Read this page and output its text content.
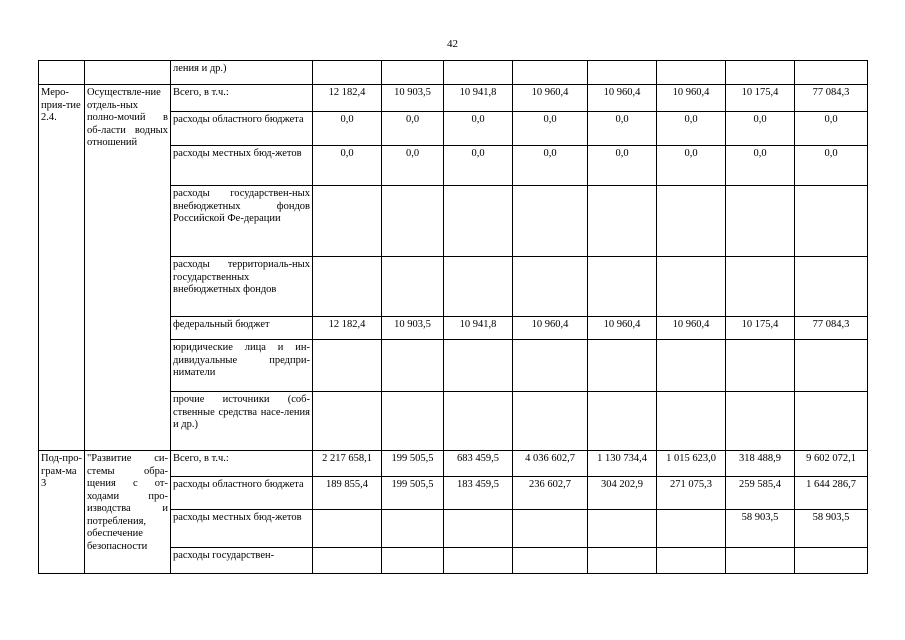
42
		ления и др.)								
Меро-прия-тие 2.4.	Осуществле-ние отдель-ных полно-мочий в об-ласти водных отношений	Всего, в т.ч.:	12 182,4	10 903,5	10 941,8	10 960,4	10 960,4	10 960,4	10 175,4	77 084,3
		расходы областного бюджета	0,0	0,0	0,0	0,0	0,0	0,0	0,0	0,0
		расходы местных бюд-жетов	0,0	0,0	0,0	0,0	0,0	0,0	0,0	0,0
		расходы государствен-ных внебюджетных фондов Российской Фе-дерации								
		расходы территориаль-ных государственных внебюджетных фондов								
		федеральный бюджет	12 182,4	10 903,5	10 941,8	10 960,4	10 960,4	10 960,4	10 175,4	77 084,3
		юридические лица и ин-дивидуальные предпри-ниматели								
		прочие источники (соб-ственные средства насе-ления и др.)								
Под-про-грам-ма 3	"Развитие си-стемы обра-щения с от-ходами про-изводства и потребления, обеспечение безопасности	Всего, в т.ч.:	2 217 658,1	199 505,5	683 459,5	4 036 602,7	1 130 734,4	1 015 623,0	318 488,9	9 602 072,1
		расходы областного бюджета	189 855,4	199 505,5	183 459,5	236 602,7	304 202,9	271 075,3	259 585,4	1 644 286,7
		расходы местных бюд-жетов							58 903,5	58 903,5
		расходы государствен-								
